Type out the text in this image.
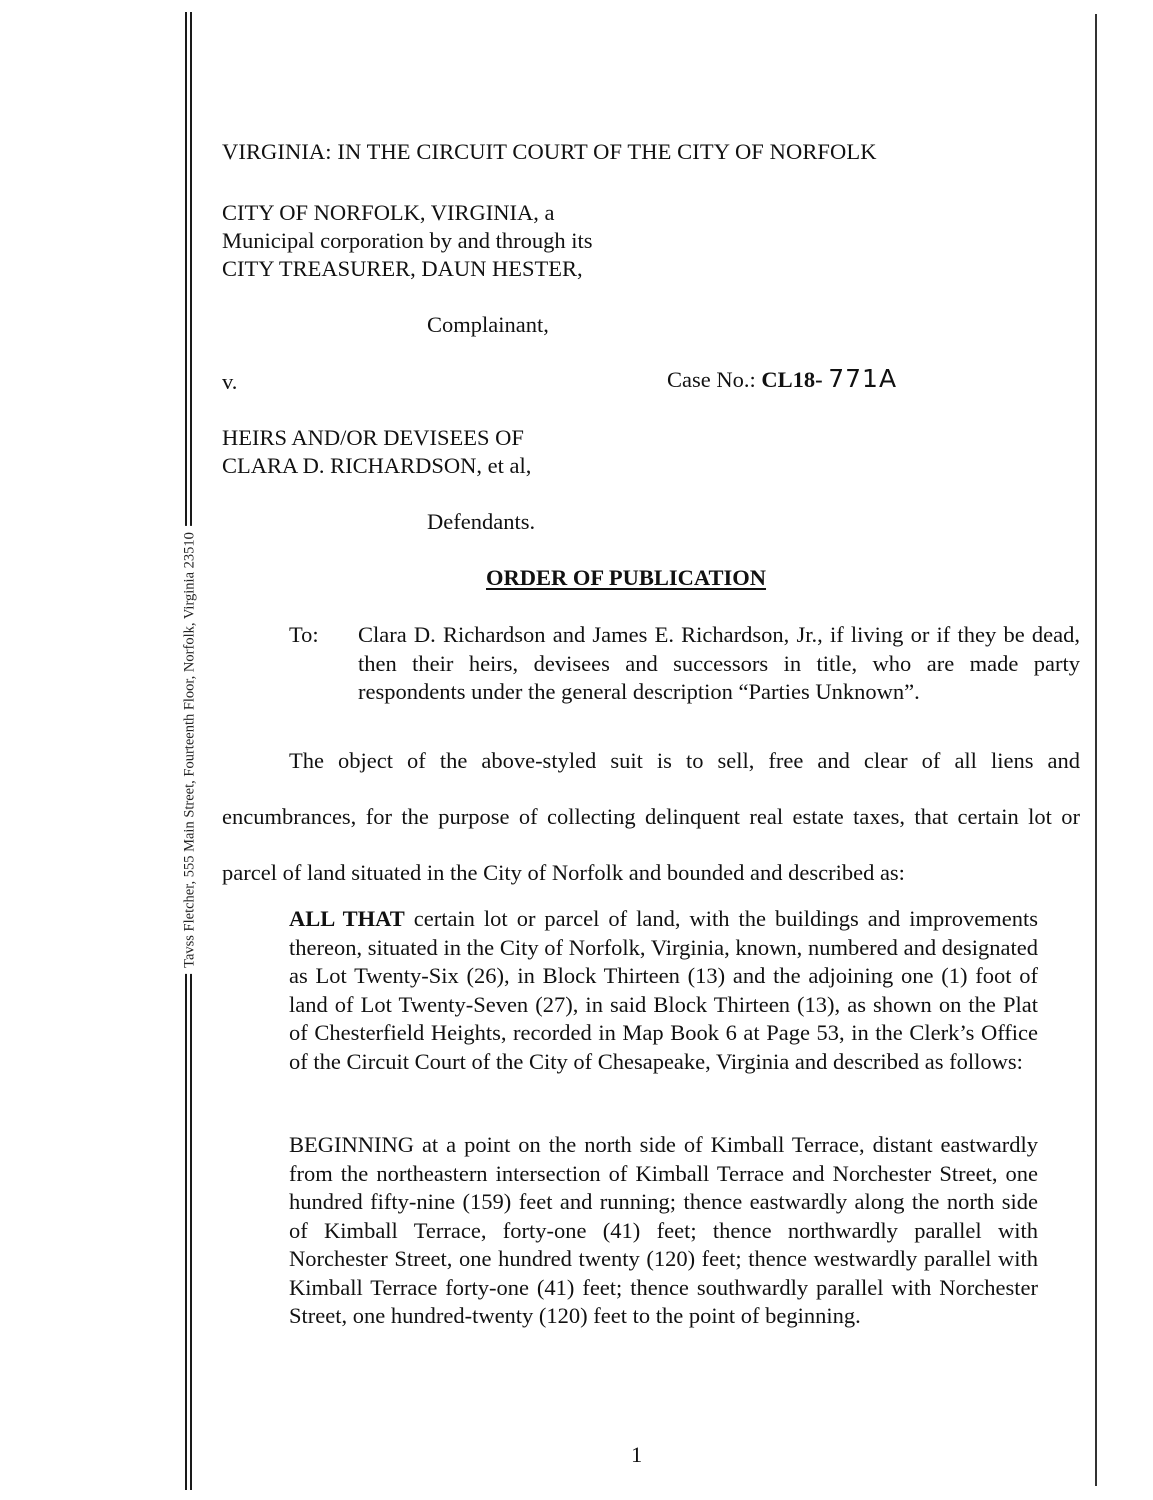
Tavss Fletcher, 555 Main Street, Fourteenth Floor, Norfolk, Virginia 23510

VIRGINIA: IN THE CIRCUIT COURT OF THE CITY OF NORFOLK

CITY OF NORFOLK, VIRGINIA, a
Municipal corporation by and through its
CITY TREASURER, DAUN HESTER,

Complainant,

v.	Case No.: CL18- 771A

HEIRS AND/OR DEVISEES OF
CLARA D. RICHARDSON, et al,

Defendants.

ORDER OF PUBLICATION

To: Clara D. Richardson and James E. Richardson, Jr., if living or if they be dead, then their heirs, devisees and successors in title, who are made party respondents under the general description “Parties Unknown”.

The object of the above-styled suit is to sell, free and clear of all liens and encumbrances, for the purpose of collecting delinquent real estate taxes, that certain lot or parcel of land situated in the City of Norfolk and bounded and described as:

ALL THAT certain lot or parcel of land, with the buildings and improvements thereon, situated in the City of Norfolk, Virginia, known, numbered and designated as Lot Twenty-Six (26), in Block Thirteen (13) and the adjoining one (1) foot of land of Lot Twenty-Seven (27), in said Block Thirteen (13), as shown on the Plat of Chesterfield Heights, recorded in Map Book 6 at Page 53, in the Clerk’s Office of the Circuit Court of the City of Chesapeake, Virginia and described as follows:

BEGINNING at a point on the north side of Kimball Terrace, distant eastwardly from the northeastern intersection of Kimball Terrace and Norchester Street, one hundred fifty-nine (159) feet and running; thence eastwardly along the north side of Kimball Terrace, forty-one (41) feet; thence northwardly parallel with Norchester Street, one hundred twenty (120) feet; thence westwardly parallel with Kimball Terrace forty-one (41) feet; thence southwardly parallel with Norchester Street, one hundred-twenty (120) feet to the point of beginning.

1
